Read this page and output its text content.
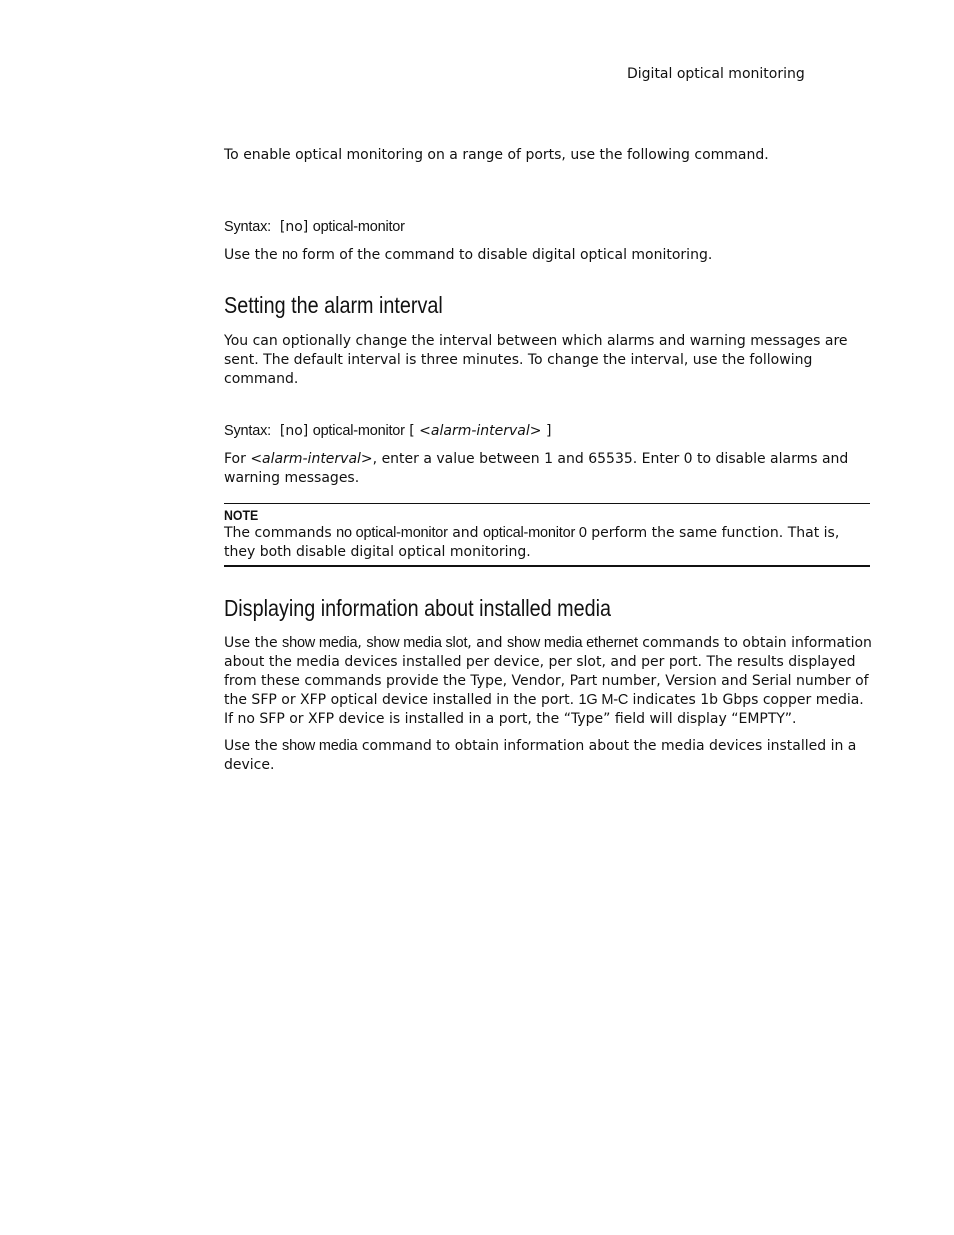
Digital optical monitoring
To enable optical monitoring on a range of ports, use the following command.
Syntax: [no] optical-monitor
Use the no form of the command to disable digital optical monitoring.
Setting the alarm interval
You can optionally change the interval between which alarms and warning messages are sent. The default interval is three minutes. To change the interval, use the following command.
Syntax: [no] optical-monitor [ <alarm-interval> ]
For <alarm-interval>, enter a value between 1 and 65535. Enter 0 to disable alarms and warning messages.
NOTE
The commands no optical-monitor and optical-monitor 0 perform the same function. That is, they both disable digital optical monitoring.
Displaying information about installed media
Use the show media, show media slot, and show media ethernet commands to obtain information about the media devices installed per device, per slot, and per port. The results displayed from these commands provide the Type, Vendor, Part number, Version and Serial number of the SFP or XFP optical device installed in the port. 1G M-C indicates 1b Gbps copper media. If no SFP or XFP device is installed in a port, the “Type” field will display “EMPTY”.
Use the show media command to obtain information about the media devices installed in a device.
